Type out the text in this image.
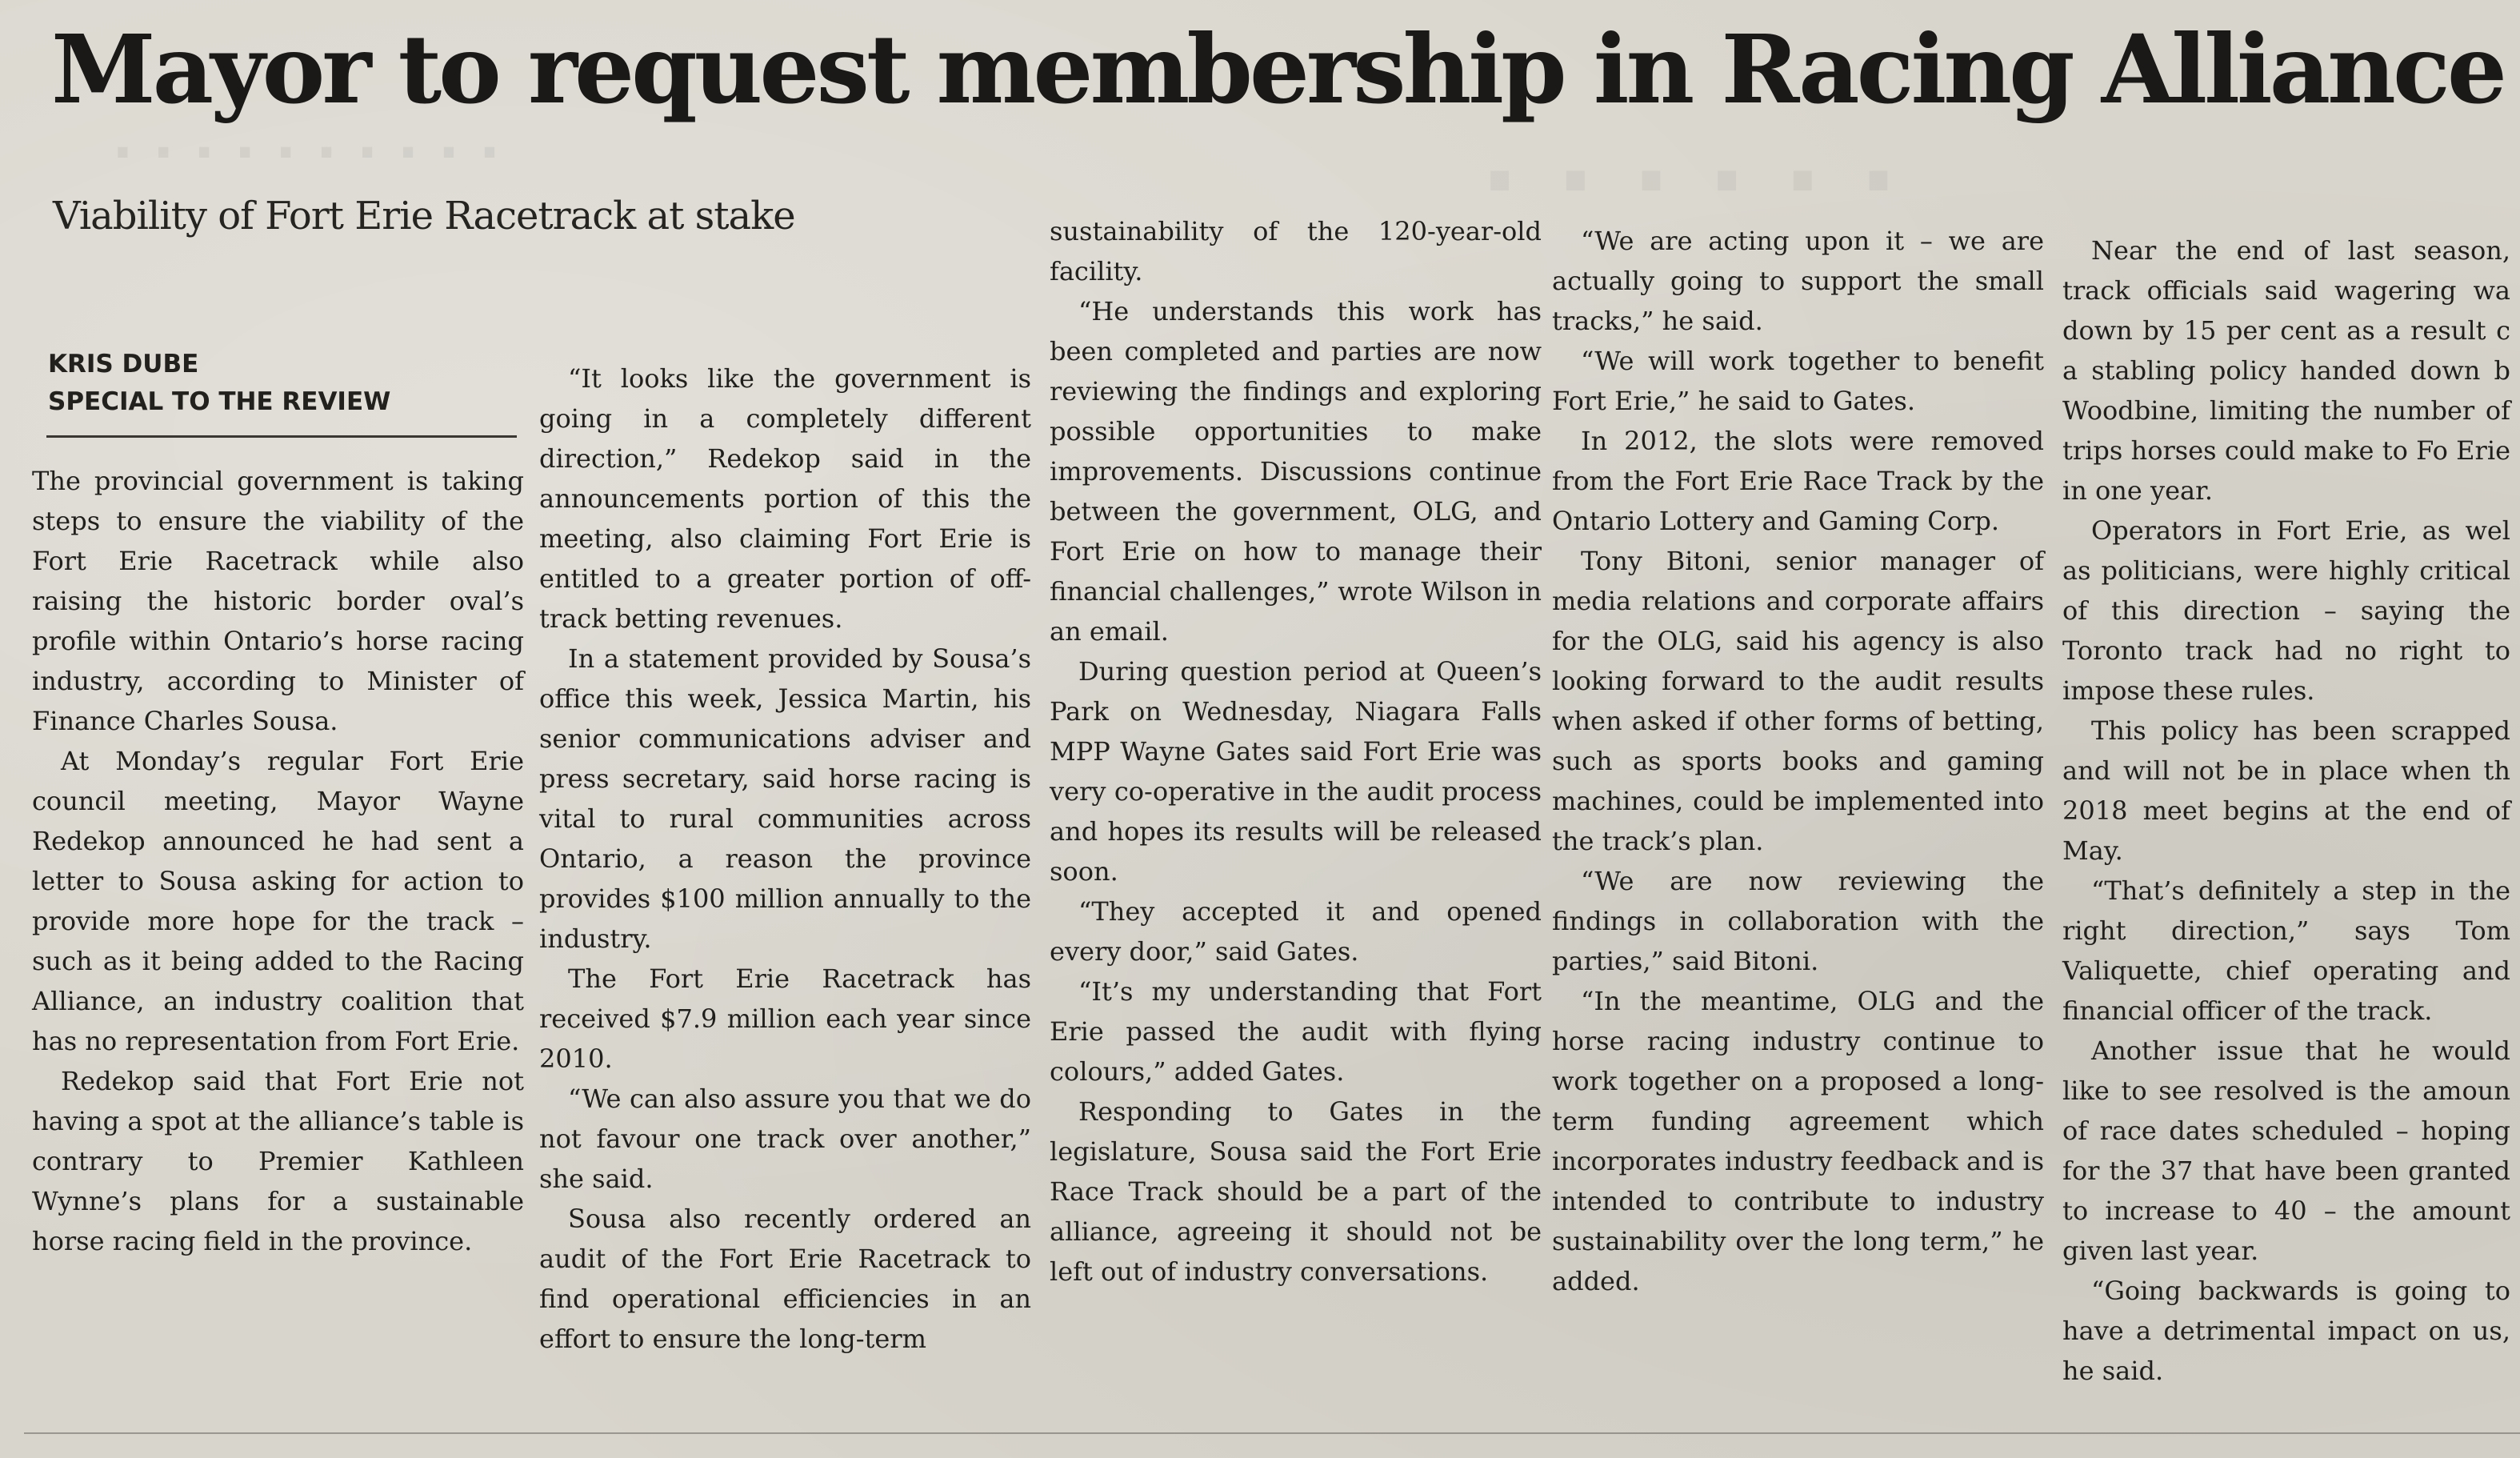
Mayor to request membership in Racing Alliance
Viability of Fort Erie Racetrack at stake
KRIS DUBE
SPECIAL TO THE REVIEW

The provincial government is taking steps to ensure the viability of the Fort Erie Racetrack while also raising the historic border oval’s profile within Ontario’s horse racing industry, according to Minister of Finance Charles Sousa.

At Monday’s regular Fort Erie council meeting, Mayor Wayne Redekop announced he had sent a letter to Sousa asking for action to provide more hope for the track – such as it being added to the Racing Alliance, an industry coalition that has no representation from Fort Erie.

Redekop said that Fort Erie not having a spot at the alliance’s table is contrary to Premier Kathleen Wynne’s plans for a sustainable horse racing field in the province.

“It looks like the government is going in a completely different direction,” Redekop said in the announcements portion of this the meeting, also claiming Fort Erie is entitled to a greater portion of off-track betting revenues.

In a statement provided by Sousa’s office this week, Jessica Martin, his senior communications adviser and press secretary, said horse racing is vital to rural communities across Ontario, a reason the province provides $100 million annually to the industry.

The Fort Erie Racetrack has received $7.9 million each year since 2010.

“We can also assure you that we do not favour one track over another,” she said.

Sousa also recently ordered an audit of the Fort Erie Racetrack to find operational efficiencies in an effort to ensure the long-term

sustainability of the 120-year-old facility.

“He understands this work has been completed and parties are now reviewing the findings and exploring possible opportunities to make improvements. Discussions continue between the government, OLG, and Fort Erie on how to manage their financial challenges,” wrote Wilson in an email.

During question period at Queen’s Park on Wednesday, Niagara Falls MPP Wayne Gates said Fort Erie was very co-operative in the audit process and hopes its results will be released soon.

“They accepted it and opened every door,” said Gates.

“It’s my understanding that Fort Erie passed the audit with flying colours,” added Gates.

Responding to Gates in the legislature, Sousa said the Fort Erie Race Track should be a part of the alliance, agreeing it should not be left out of industry conversations.

“We are acting upon it – we are actually going to support the small tracks,” he said.

“We will work together to benefit Fort Erie,” he said to Gates.

In 2012, the slots were removed from the Fort Erie Race Track by the Ontario Lottery and Gaming Corp.

Tony Bitoni, senior manager of media relations and corporate affairs for the OLG, said his agency is also looking forward to the audit results when asked if other forms of betting, such as sports books and gaming machines, could be implemented into the track’s plan.

“We are now reviewing the findings in collaboration with the parties,” said Bitoni.

“In the meantime, OLG and the horse racing industry continue to work together on a proposed a long-term funding agreement which incorporates industry feedback and is intended to contribute to industry sustainability over the long term,” he added.

Near the end of last season, track officials said wagering wa down by 15 per cent as a result c a stabling policy handed down b Woodbine, limiting the number of trips horses could make to Fo Erie in one year.

Operators in Fort Erie, as wel as politicians, were highly critical of this direction – saying the Toronto track had no right to impose these rules.

This policy has been scrapped and will not be in place when th 2018 meet begins at the end of May.

“That’s definitely a step in the right direction,” says Tom Valiquette, chief operating and financial officer of the track.

Another issue that he would like to see resolved is the amoun of race dates scheduled – hoping for the 37 that have been granted to increase to 40 – the amount given last year.

“Going backwards is going to have a detrimental impact on us, he said.
